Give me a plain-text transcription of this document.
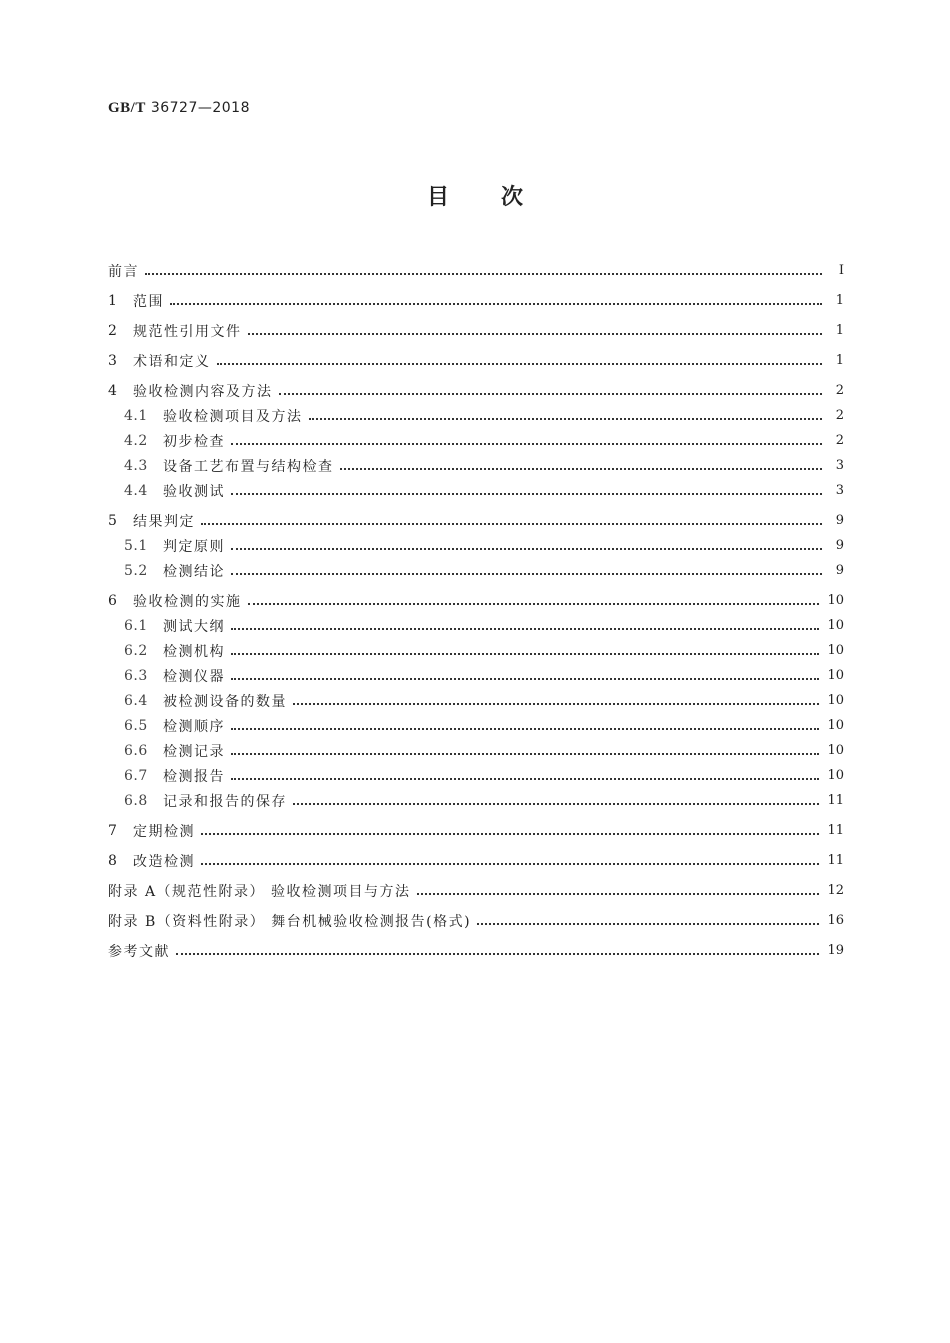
GB/T 36727—2018
目 次
前言	Ⅰ
1	范围	1
2	规范性引用文件	1
3	术语和定义	1
4	验收检测内容及方法	2
4.1	验收检测项目及方法	2
4.2	初步检查	2
4.3	设备工艺布置与结构检查	3
4.4	验收测试	3
5	结果判定	9
5.1	判定原则	9
5.2	检测结论	9
6	验收检测的实施	10
6.1	测试大纲	10
6.2	检测机构	10
6.3	检测仪器	10
6.4	被检测设备的数量	10
6.5	检测顺序	10
6.6	检测记录	10
6.7	检测报告	10
6.8	记录和报告的保存	11
7	定期检测	11
8	改造检测	11
附录 A（规范性附录） 验收检测项目与方法	12
附录 B（资料性附录） 舞台机械验收检测报告(格式)	16
参考文献	19
